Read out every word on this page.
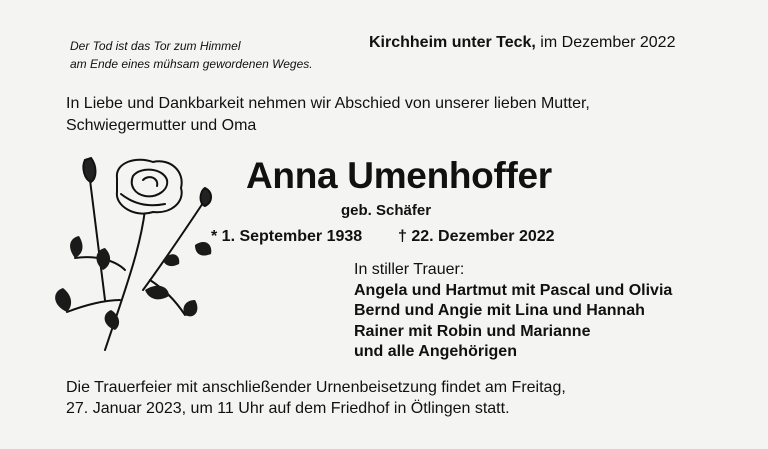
Der Tod ist das Tor zum Himmel
am Ende eines mühsam gewordenen Weges.
Kirchheim unter Teck, im Dezember 2022
In Liebe und Dankbarkeit nehmen wir Abschied von unserer lieben Mutter,
Schwiegermutter und Oma
Anna Umenhoffer
geb. Schäfer
* 1. September 1938 † 22. Dezember 2022
In stiller Trauer:
Angela und Hartmut mit Pascal und Olivia
Bernd und Angie mit Lina und Hannah
Rainer mit Robin und Marianne
und alle Angehörigen
Die Trauerfeier mit anschließender Urnenbeisetzung findet am Freitag,
27. Januar 2023, um 11 Uhr auf dem Friedhof in Ötlingen statt.
